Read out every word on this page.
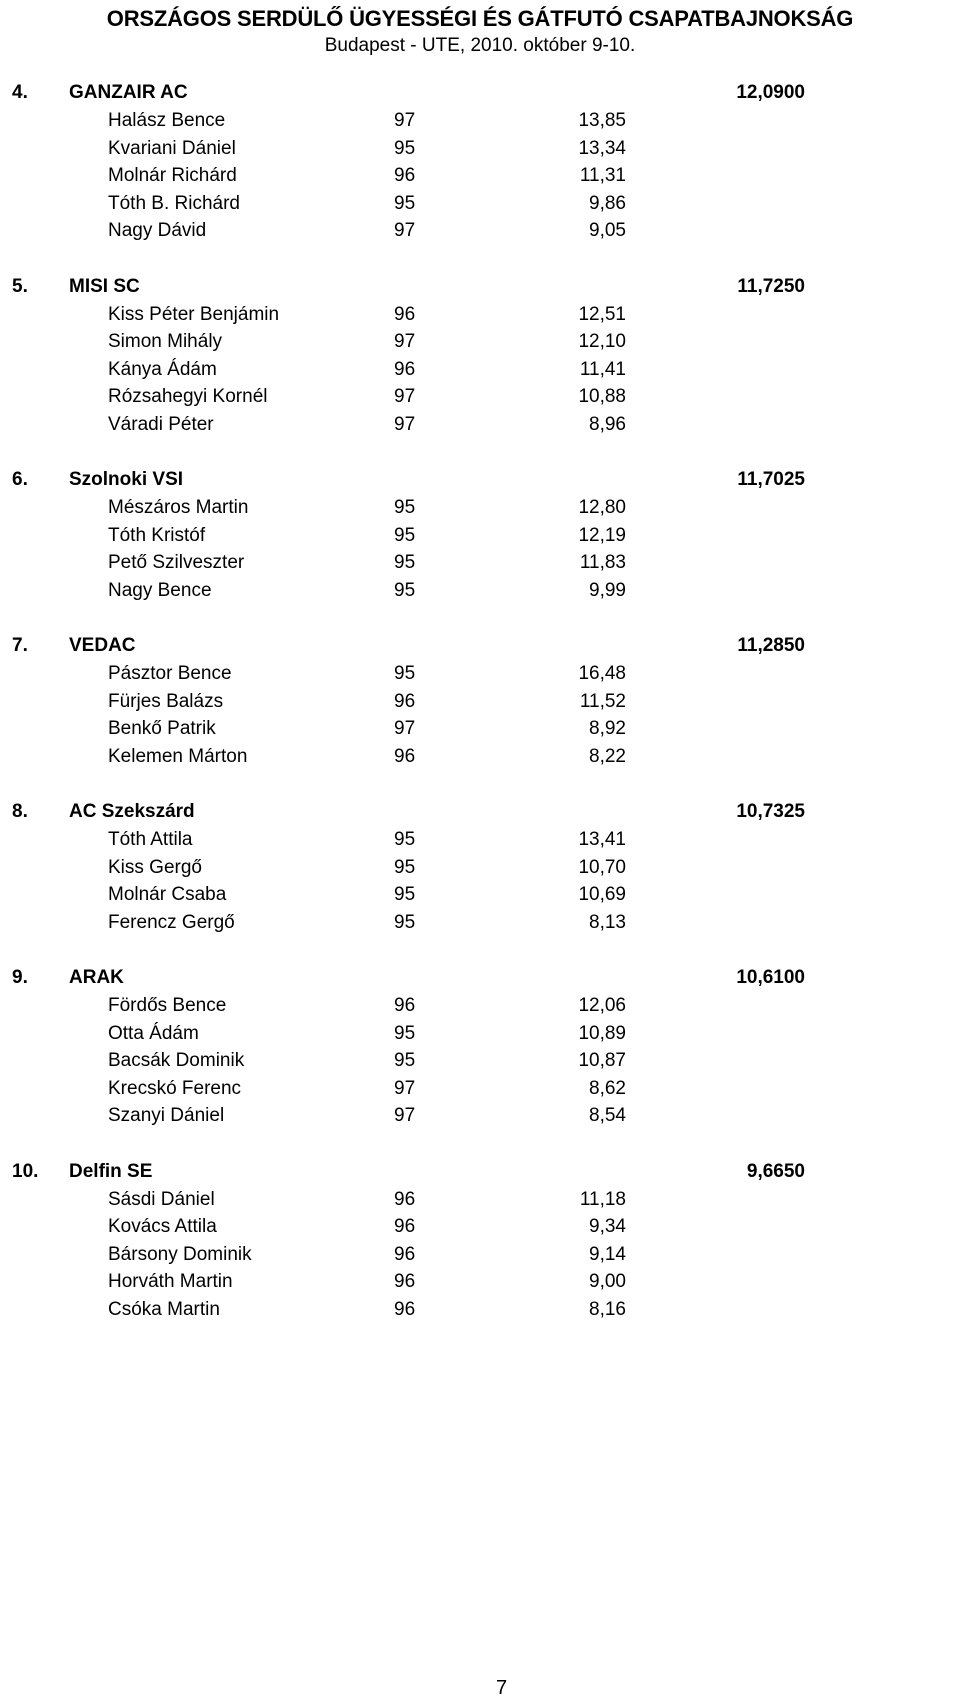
ORSZÁGOS SERDÜLŐ ÜGYESSÉGI ÉS GÁTFUTÓ CSAPATBAJNOKSÁG
Budapest - UTE, 2010. október 9-10.
4. GANZAIR AC	12,0900
Halász Bence	97	13,85
Kvariani Dániel	95	13,34
Molnár Richárd	96	11,31
Tóth B. Richárd	95	9,86
Nagy Dávid	97	9,05
5. MISI SC	11,7250
Kiss Péter Benjámin	96	12,51
Simon Mihály	97	12,10
Kánya Ádám	96	11,41
Rózsahegyi Kornél	97	10,88
Váradi Péter	97	8,96
6. Szolnoki VSI	11,7025
Mészáros Martin	95	12,80
Tóth Kristóf	95	12,19
Pető Szilveszter	95	11,83
Nagy Bence	95	9,99
7. VEDAC	11,2850
Pásztor Bence	95	16,48
Fürjes Balázs	96	11,52
Benkő Patrik	97	8,92
Kelemen Márton	96	8,22
8. AC Szekszárd	10,7325
Tóth Attila	95	13,41
Kiss Gergő	95	10,70
Molnár Csaba	95	10,69
Ferencz Gergő	95	8,13
9. ARAK	10,6100
Fördős Bence	96	12,06
Otta Ádám	95	10,89
Bacsák Dominik	95	10,87
Krecskó Ferenc	97	8,62
Szanyi Dániel	97	8,54
10. Delfin SE	9,6650
Sásdi Dániel	96	11,18
Kovács Attila	96	9,34
Bársony Dominik	96	9,14
Horváth Martin	96	9,00
Csóka Martin	96	8,16
7
